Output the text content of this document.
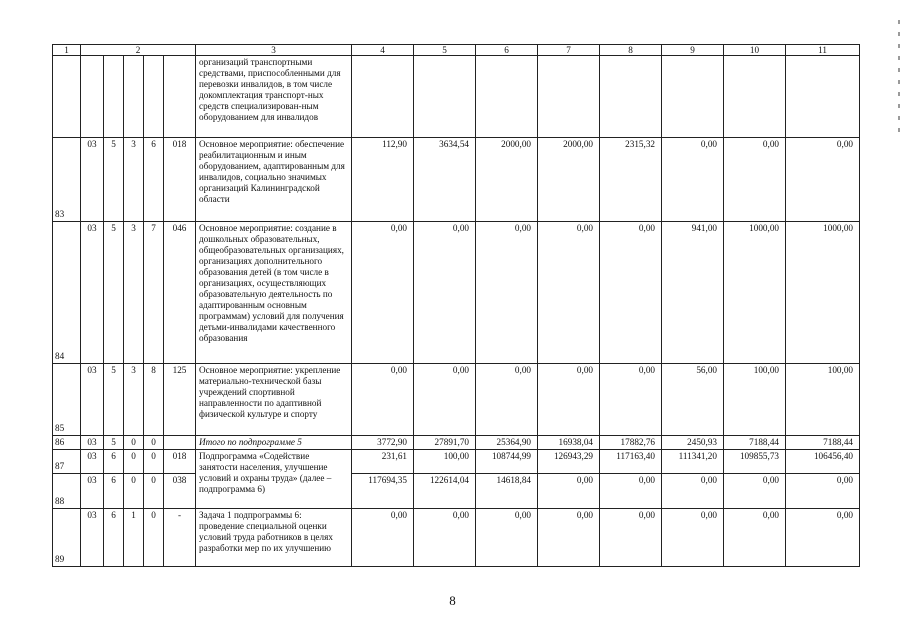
1	2					3	4	5	6	7	8	9	10	11
						организаций транспортными средствами, приспособленными для перевозки инвалидов, в том числе докомплектация транспорт-ных средств специализирован-ным оборудованием для инвалидов								
83	03	5	3	6	018	Основное мероприятие: обеспечение реабилитационным и иным оборудованием, адаптированным для инвалидов, социально значимых организаций Калининградской области	112,90	3634,54	2000,00	2000,00	2315,32	0,00	0,00	0,00
84	03	5	3	7	046	Основное мероприятие: создание в дошкольных образовательных, общеобразовательных организациях, организациях дополнительного образования детей (в том числе в организациях, осуществляющих образовательную деятельность по адаптированным основным программам) условий для получения детьми-инвалидами качественного образования	0,00	0,00	0,00	0,00	0,00	941,00	1000,00	1000,00
85	03	5	3	8	125	Основное мероприятие: укрепление материально-технической базы учреждений спортивной направленности по адаптивной физической культуре и спорту	0,00	0,00	0,00	0,00	0,00	56,00	100,00	100,00
86	03	5	0	0		Итого по подпрограмме 5	3772,90	27891,70	25364,90	16938,04	17882,76	2450,93	7188,44	7188,44
87	03	6	0	0	018	Подпрограмма «Содействие занятости населения, улучшение условий и охраны труда» (далее – подпрограмма 6)	231,61	100,00	108744,99	126943,29	117163,40	111341,20	109855,73	106456,40
88	03	6	0	0	038		117694,35	122614,04	14618,84	0,00	0,00	0,00	0,00	0,00
89	03	6	1	0	-	Задача 1 подпрограммы 6: проведение специальной оценки условий труда работников в целях разработки мер по их улучшению	0,00	0,00	0,00	0,00	0,00	0,00	0,00	0,00
8
